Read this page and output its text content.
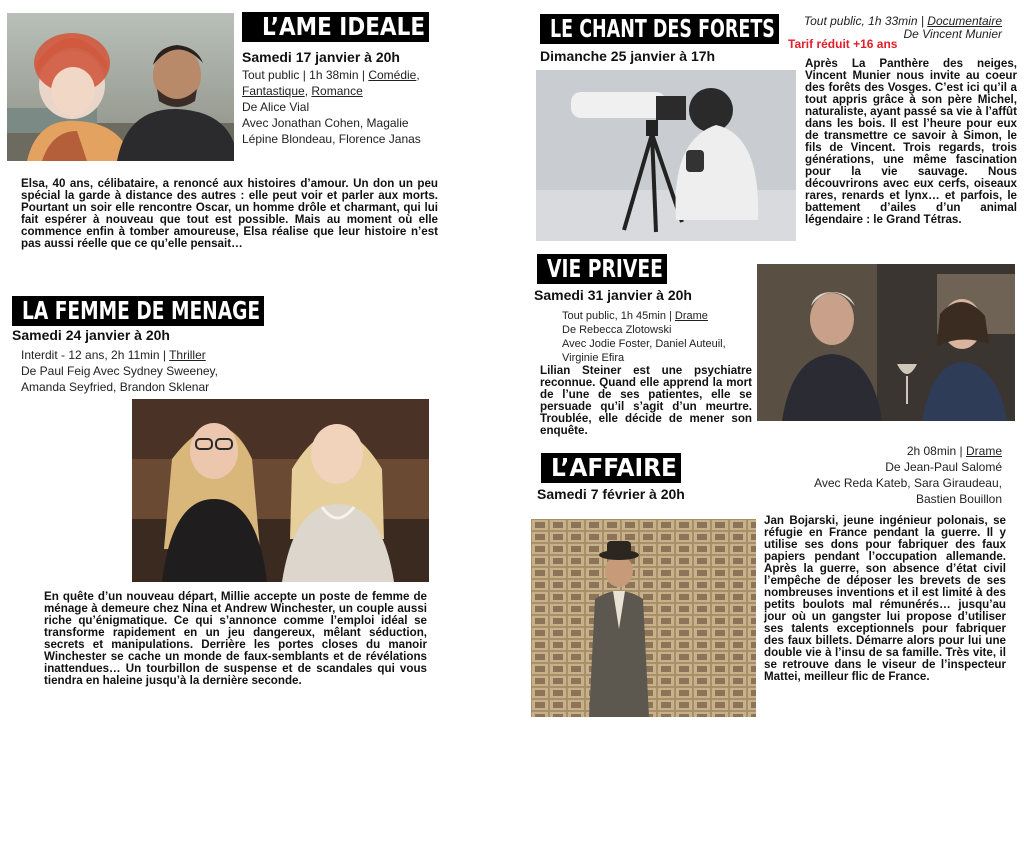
L’AME IDEALE
Samedi 17 janvier à 20h
Tout public | 1h 38min | Comédie,
Fantastique, Romance
De Alice Vial
Avec Jonathan Cohen, Magalie
Lépine Blondeau, Florence Janas
Elsa, 40 ans, célibataire, a renoncé aux histoires d’amour. Un don un peu spécial la garde à distance des autres : elle peut voir et parler aux morts. Pourtant un soir elle rencontre Oscar, un homme drôle et charmant, qui lui fait espérer à nouveau que tout est possible. Mais au moment où elle commence enfin à tomber amoureuse, Elsa réalise que leur histoire n’est pas aussi réelle que ce qu’elle pensait…
LA FEMME DE MENAGE
Samedi 24 janvier à 20h
Interdit - 12 ans, 2h 11min | Thriller
De Paul Feig Avec Sydney Sweeney,
Amanda Seyfried, Brandon Sklenar
En quête d’un nouveau départ, Millie accepte un poste de femme de ménage à demeure chez Nina et Andrew Winchester, un couple aussi riche qu’énigmatique. Ce qui s’annonce comme l’emploi idéal se transforme rapidement en un jeu dangereux, mêlant séduction, secrets et manipulations. Derrière les portes closes du manoir Winchester se cache un monde de faux-semblants et de révélations inattendues… Un tourbillon de suspense et de scandales qui vous tiendra en haleine jusqu’à la dernière seconde.
LE CHANT DES FORETS	Tout public, 1h 33min | Documentaire
De Vincent Munier
Tarif réduit +16 ans
Dimanche 25 janvier à 17h	Après La Panthère des neiges, Vincent Munier nous invite au coeur des forêts des Vosges. C’est ici qu’il a tout appris grâce à son père Michel, naturaliste, ayant passé sa vie à l’affût dans les bois. Il est l’heure pour eux de transmettre ce savoir à Simon, le fils de Vincent. Trois regards, trois générations, une même fascination pour la vie sauvage. Nous découvrirons avec eux cerfs, oiseaux rares, renards et lynx… et parfois, le battement d’ailes d’un animal légendaire : le Grand Tétras.
VIE PRIVEE
Samedi 31 janvier à 20h
Tout public, 1h 45min | Drame
De Rebecca Zlotowski
Avec Jodie Foster, Daniel Auteuil,
Virginie Efira
Lilian Steiner est une psychiatre reconnue. Quand elle apprend la mort de l’une de ses patientes, elle se persuade qu’il s’agit d’un meurtre. Troublée, elle décide de mener son enquête.
L’AFFAIRE
Samedi 7 février à 20h
2h 08min | Drame
De Jean-Paul Salomé
Avec Reda Kateb, Sara Giraudeau,
Bastien Bouillon
Jan Bojarski, jeune ingénieur polonais, se réfugie en France pendant la guerre. Il y utilise ses dons pour fabriquer des faux papiers pendant l’occupation allemande. Après la guerre, son absence d’état civil l’empêche de déposer les brevets de ses nombreuses inventions et il est limité à des petits boulots mal rémunérés… jusqu’au jour où un gangster lui propose d’utiliser ses talents exceptionnels pour fabriquer des faux billets. Démarre alors pour lui une double vie à l’insu de sa famille. Très vite, il se retrouve dans le viseur de l’inspecteur Mattei, meilleur flic de France.
